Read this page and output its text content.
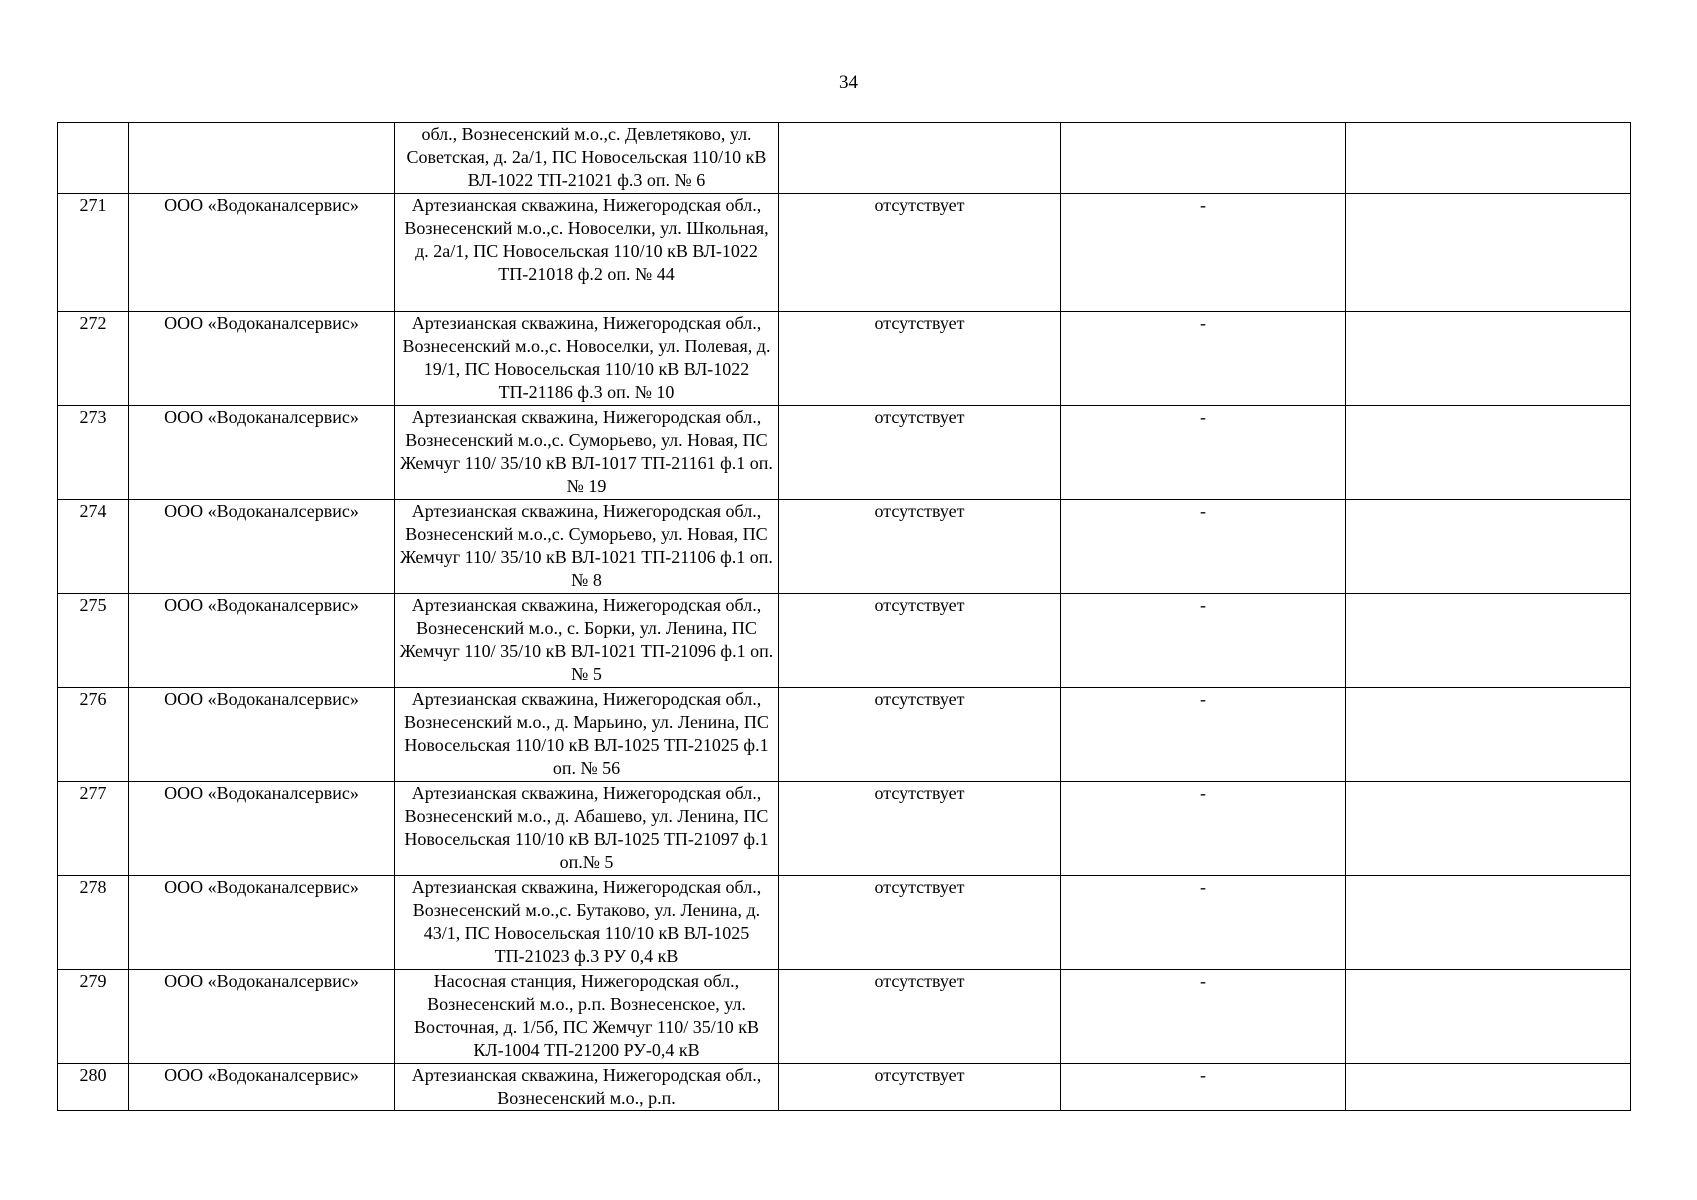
34
		обл., Вознесенский м.о.,с. Девлетяково, ул. Советская, д. 2а/1, ПС Новосельская 110/10 кВ ВЛ-1022 ТП-21021 ф.3 оп. № 6			
271	ООО «Водоканалсервис»	Артезианская скважина, Нижегородская обл., Вознесенский м.о.,с. Новоселки, ул. Школьная, д. 2а/1, ПС Новосельская 110/10 кВ ВЛ-1022 ТП-21018 ф.2 оп. № 44	отсутствует	-	
272	ООО «Водоканалсервис»	Артезианская скважина, Нижегородская обл., Вознесенский м.о.,с. Новоселки, ул. Полевая, д. 19/1, ПС Новосельская 110/10 кВ ВЛ-1022 ТП-21186 ф.3 оп. № 10	отсутствует	-	
273	ООО «Водоканалсервис»	Артезианская скважина, Нижегородская обл., Вознесенский м.о.,с. Суморьево, ул. Новая, ПС Жемчуг 110/ 35/10 кВ ВЛ-1017 ТП-21161 ф.1 оп. № 19	отсутствует	-	
274	ООО «Водоканалсервис»	Артезианская скважина, Нижегородская обл., Вознесенский м.о.,с. Суморьево, ул. Новая, ПС Жемчуг 110/ 35/10 кВ ВЛ-1021 ТП-21106 ф.1 оп. № 8	отсутствует	-	
275	ООО «Водоканалсервис»	Артезианская скважина, Нижегородская обл., Вознесенский м.о., с. Борки, ул. Ленина, ПС Жемчуг 110/ 35/10 кВ ВЛ-1021 ТП-21096 ф.1 оп. № 5	отсутствует	-	
276	ООО «Водоканалсервис»	Артезианская скважина, Нижегородская обл., Вознесенский м.о., д. Марьино, ул. Ленина, ПС Новосельская 110/10 кВ ВЛ-1025 ТП-21025 ф.1 оп. № 56	отсутствует	-	
277	ООО «Водоканалсервис»	Артезианская скважина, Нижегородская обл., Вознесенский м.о., д. Абашево, ул. Ленина, ПС Новосельская 110/10 кВ ВЛ-1025 ТП-21097 ф.1 оп.№ 5	отсутствует	-	
278	ООО «Водоканалсервис»	Артезианская скважина, Нижегородская обл., Вознесенский м.о.,с. Бутаково, ул. Ленина, д. 43/1, ПС Новосельская 110/10 кВ ВЛ-1025 ТП-21023 ф.3 РУ 0,4 кВ	отсутствует	-	
279	ООО «Водоканалсервис»	Насосная станция, Нижегородская обл., Вознесенский м.о., р.п. Вознесенское, ул. Восточная, д. 1/5б, ПС Жемчуг 110/ 35/10 кВ КЛ-1004 ТП-21200 РУ-0,4 кВ	отсутствует	-	
280	ООО «Водоканалсервис»	Артезианская скважина, Нижегородская обл., Вознесенский м.о., р.п.	отсутствует	-	
